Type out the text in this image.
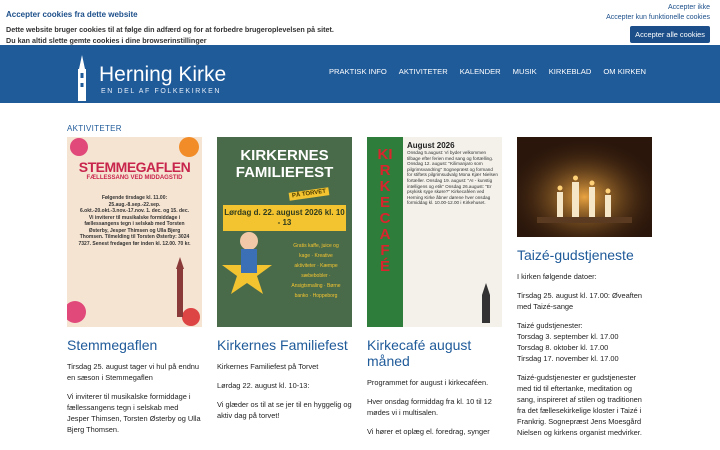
Accepter cookies fra dette website
Dette website bruger cookies til at følge din adfærd og for at forbedre brugeroplevelsen på sitet.
Du kan altid slette gemte cookies i dine browserinstillinger
Accepter ikke
Accepter kun funktionelle cookies
Accepter alle cookies
Herning Kirke
EN DEL AF FOLKEKIRKEN
PRAKTISK INFO AKTIVITETER KALENDER MUSIK KIRKEBLAD OM KIRKEN
AKTIVITETER
STEMMEGAFLEN
FÆLLESSANG VED MIDDAGSTID
Følgende tirsdage kl. 11.00: 25.aug.-8.sep.-22.sep. 6.okt.-20.okt.-3.nov.-17.nov. 1. dec. og 15. dec. Vi inviterer til musikalske formiddage i fællessangens tegn i selskab med Torsten Østerby, Jesper Thimsen og Ulla Bjerg Thomsen. Tilmelding til Torsten Østerby: 3024 7327. Senest fredagen før inden kl. 12.00. 70 kr.
Stemmegaflen

Tirsdag 25. august tager vi hul på endnu en sæson i Stemmegaflen

Vi inviterer til musikalske formiddage i fællessangens tegn i selskab med Jesper Thimsen, Torsten Østerby og Ulla Bjerg Thomsen.

KIRKERNES FAMILIEFEST
PÅ TORVET
Lørdag d. 22. august 2026 kl. 10 - 13
Gratis kaffe, juice og kage · Kreative aktiviteter · Kæmpe sæbebobler · Ansigtsmaling · Børne banko · Hoppeborg
Kirkernes Familiefest

Kirkernes Familiefest på Torvet

Lørdag 22. august kl. 10-13:

Vi glæder os til at se jer til en hyggelig og aktiv dag på torvet!

KIRKECAFÉ
August 2026
Onsdag 5.august: Vi byder velkommen tilbage efter ferien med sang og fortælling. Onsdag 12. august: "Kilimanjaro som pilgrimsvandring" Sognepræst og formand for stiftets pilgrimsudvalg Mona Kjær Nielsen fortæller. Onsdag 19. august: "AI - kunstig intelligens og etik" Onsdag 26.august: "Er psykisk syge skøre?" Kirkecaféen ved Herning Kirke åbner dørene hver onsdag formiddag kl. 10.00-12.00 i Kirkehuset.
Kirkecafé august måned

Programmet for august i kirkecaféen.

Hver onsdag formiddag fra kl. 10 til 12 mødes vi i multisalen.

Vi hører et oplæg el. foredrag, synger

Taizé-gudstjeneste

I kirken følgende datoer:

Tirsdag 25. august kl. 17.00: Øveaften med Taizé-sange

Taizé gudstjenester:
Torsdag 3. september kl. 17.00
Torsdag 8. oktober kl. 17.00
Tirsdag 17. november kl. 17.00

Taizé-gudstjenester er gudstjenester med tid til eftertanke, meditation og sang, inspireret af stilen og traditionen fra det fællesekirkelige kloster i Taizé i Frankrig. Sognepræst Jens Moesgård Nielsen og kirkens organist medvirker.
